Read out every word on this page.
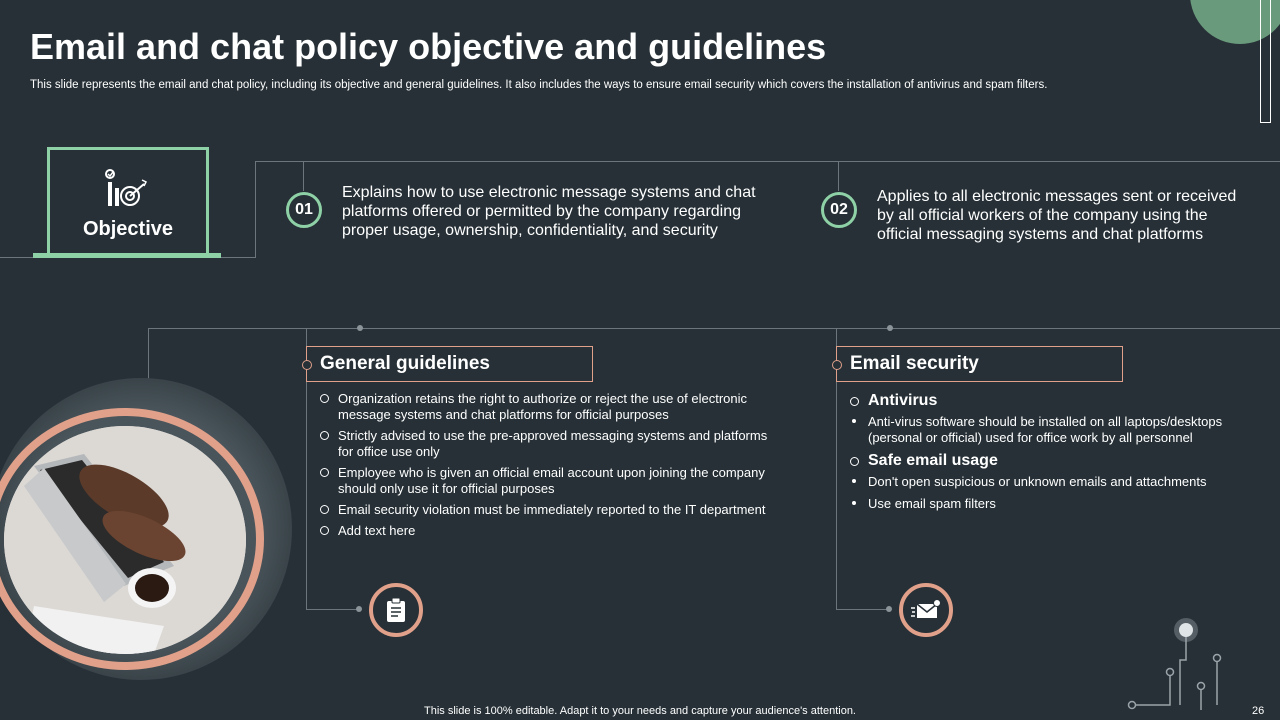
Email and chat policy objective and guidelines
This slide represents the email and chat policy, including its objective and general guidelines. It also includes the ways to ensure email security which covers the installation of antivirus and spam filters.
Objective
01
Explains how to use electronic message systems and chat platforms offered or permitted by the company regarding proper usage, ownership, confidentiality, and security
02
Applies to all electronic messages sent or received by all official workers of the company using the official messaging systems and chat platforms
General guidelines
Organization retains the right to authorize or reject the use of electronic message systems and chat platforms for official purposes
Strictly advised to use the pre-approved messaging systems and platforms for office use only
Employee who is given an official email account upon joining the company should only use it for official purposes
Email security violation must be immediately reported to the IT department
Add text here
Email security
Antivirus
Anti-virus software should be installed on all laptops/desktops (personal or official) used for office work by all personnel
Safe email usage
Don't open suspicious or unknown emails and attachments
Use email spam filters
This slide is 100% editable. Adapt it to your needs and capture your audience's attention.	26
